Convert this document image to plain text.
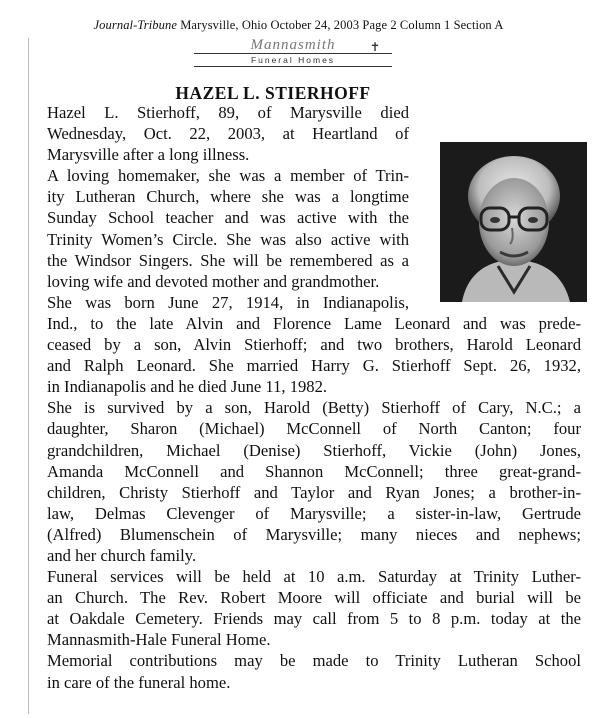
Journal-Tribune Marysville, Ohio October 24, 2003 Page 2 Column 1 Section A
Mannasmith
Funeral Homes
✝
HAZEL L. STIERHOFF

Hazel L. Stierhoff, 89, of Marysville died
Wednesday, Oct. 22, 2003, at Heartland of
Marysville after a long illness.

A loving homemaker, she was a member of Trin-
ity Lutheran Church, where she was a longtime
Sunday School teacher and was active with the
Trinity Women’s Circle. She was also active with
the Windsor Singers. She will be remembered as a
loving wife and devoted mother and grandmother.

She was born June 27, 1914, in Indianapolis,
Ind., to the late Alvin and Florence Lame Leonard and was prede-
ceased by a son, Alvin Stierhoff; and two brothers, Harold Leonard
and Ralph Leonard. She married Harry G. Stierhoff Sept. 26, 1932,
in Indianapolis and he died June 11, 1982.

She is survived by a son, Harold (Betty) Stierhoff of Cary, N.C.; a
daughter, Sharon (Michael) McConnell of North Canton; four
grandchildren, Michael (Denise) Stierhoff, Vickie (John) Jones,
Amanda McConnell and Shannon McConnell; three great-grand-
children, Christy Stierhoff and Taylor and Ryan Jones; a brother-in-
law, Delmas Clevenger of Marysville; a sister-in-law, Gertrude
(Alfred) Blumenschein of Marysville; many nieces and nephews;
and her church family.

Funeral services will be held at 10 a.m. Saturday at Trinity Luther-
an Church. The Rev. Robert Moore will officiate and burial will be
at Oakdale Cemetery. Friends may call from 5 to 8 p.m. today at the
Mannasmith-Hale Funeral Home.

Memorial contributions may be made to Trinity Lutheran School
in care of the funeral home.
